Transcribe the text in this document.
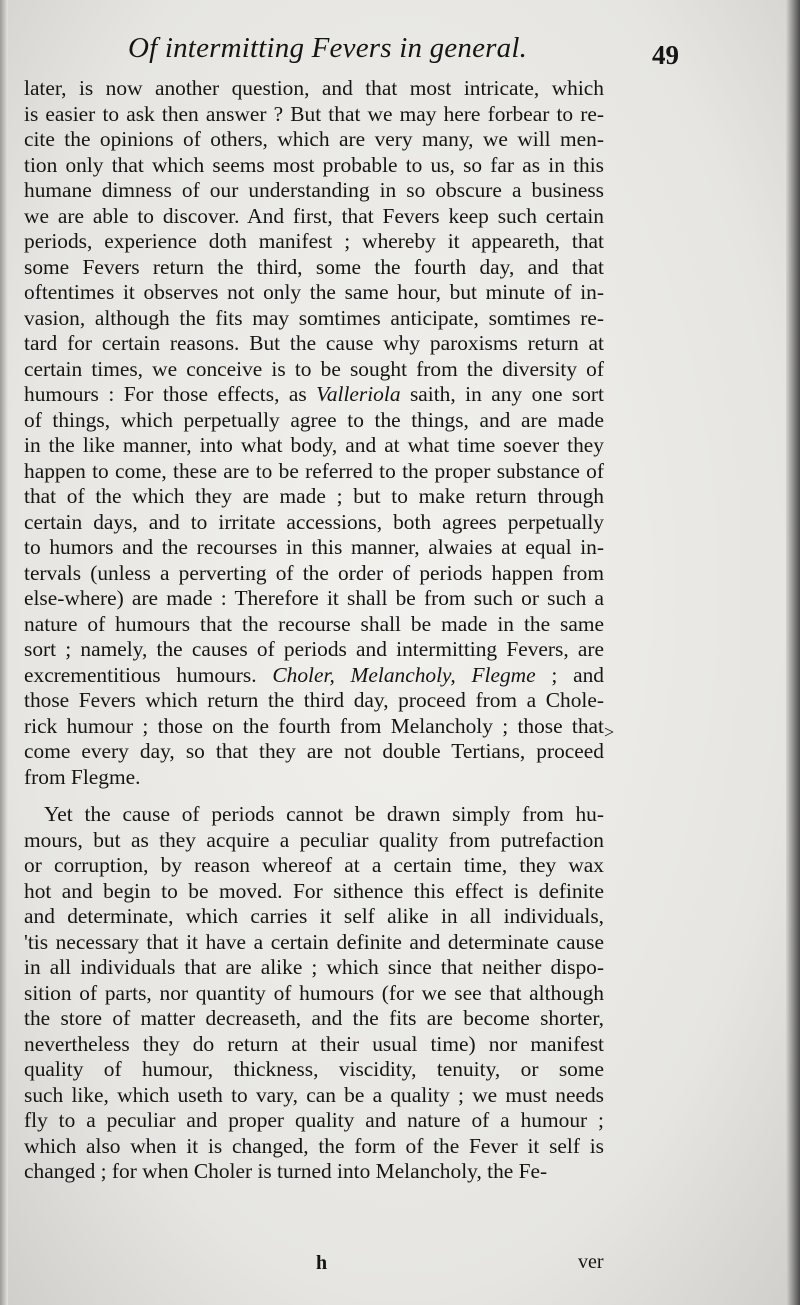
Of intermitting Fevers in general.	49
later, is now another question, and that most intricate, which
is easier to ask then answer ? But that we may here forbear to re-
cite the opinions of others, which are very many, we will men-
tion only that which seems most probable to us, so far as in this
humane dimness of our understanding in so obscure a business
we are able to discover. And first, that Fevers keep such certain
periods, experience doth manifest ; whereby it appeareth, that
some Fevers return the third, some the fourth day, and that
oftentimes it observes not only the same hour, but minute of in-
vasion, although the fits may somtimes anticipate, somtimes re-
tard for certain reasons. But the cause why paroxisms return at
certain times, we conceive is to be sought from the diversity of
humours : For those effects, as Valleriola saith, in any one sort
of things, which perpetually agree to the things, and are made
in the like manner, into what body, and at what time soever they
happen to come, these are to be referred to the proper substance of
that of the which they are made ; but to make return through
certain days, and to irritate accessions, both agrees perpetually
to humors and the recourses in this manner, alwaies at equal in-
tervals (unless a perverting of the order of periods happen from
else-where) are made : Therefore it shall be from such or such a
nature of humours that the recourse shall be made in the same
sort ; namely, the causes of periods and intermitting Fevers, are
excrementitious humours. Choler, Melancholy, Flegme ; and
those Fevers which return the third day, proceed from a Chole-
rick humour ; those on the fourth from Melancholy ; those that
come every day, so that they are not double Tertians, proceed
from Flegme.
Yet the cause of periods cannot be drawn simply from hu-
mours, but as they acquire a peculiar quality from putrefaction
or corruption, by reason whereof at a certain time, they wax
hot and begin to be moved. For sithence this effect is definite
and determinate, which carries it self alike in all individuals,
'tis necessary that it have a certain definite and determinate cause
in all individuals that are alike ; which since that neither dispo-
sition of parts, nor quantity of humours (for we see that although
the store of matter decreaseth, and the fits are become shorter,
nevertheless they do return at their usual time) nor manifest
quality of humour, thickness, viscidity, tenuity, or some
such like, which useth to vary, can be a quality ; we must needs
fly to a peculiar and proper quality and nature of a humour ;
which also when it is changed, the form of the Fever it self is
changed ; for when Choler is turned into Melancholy, the Fe-
>
h	ver
